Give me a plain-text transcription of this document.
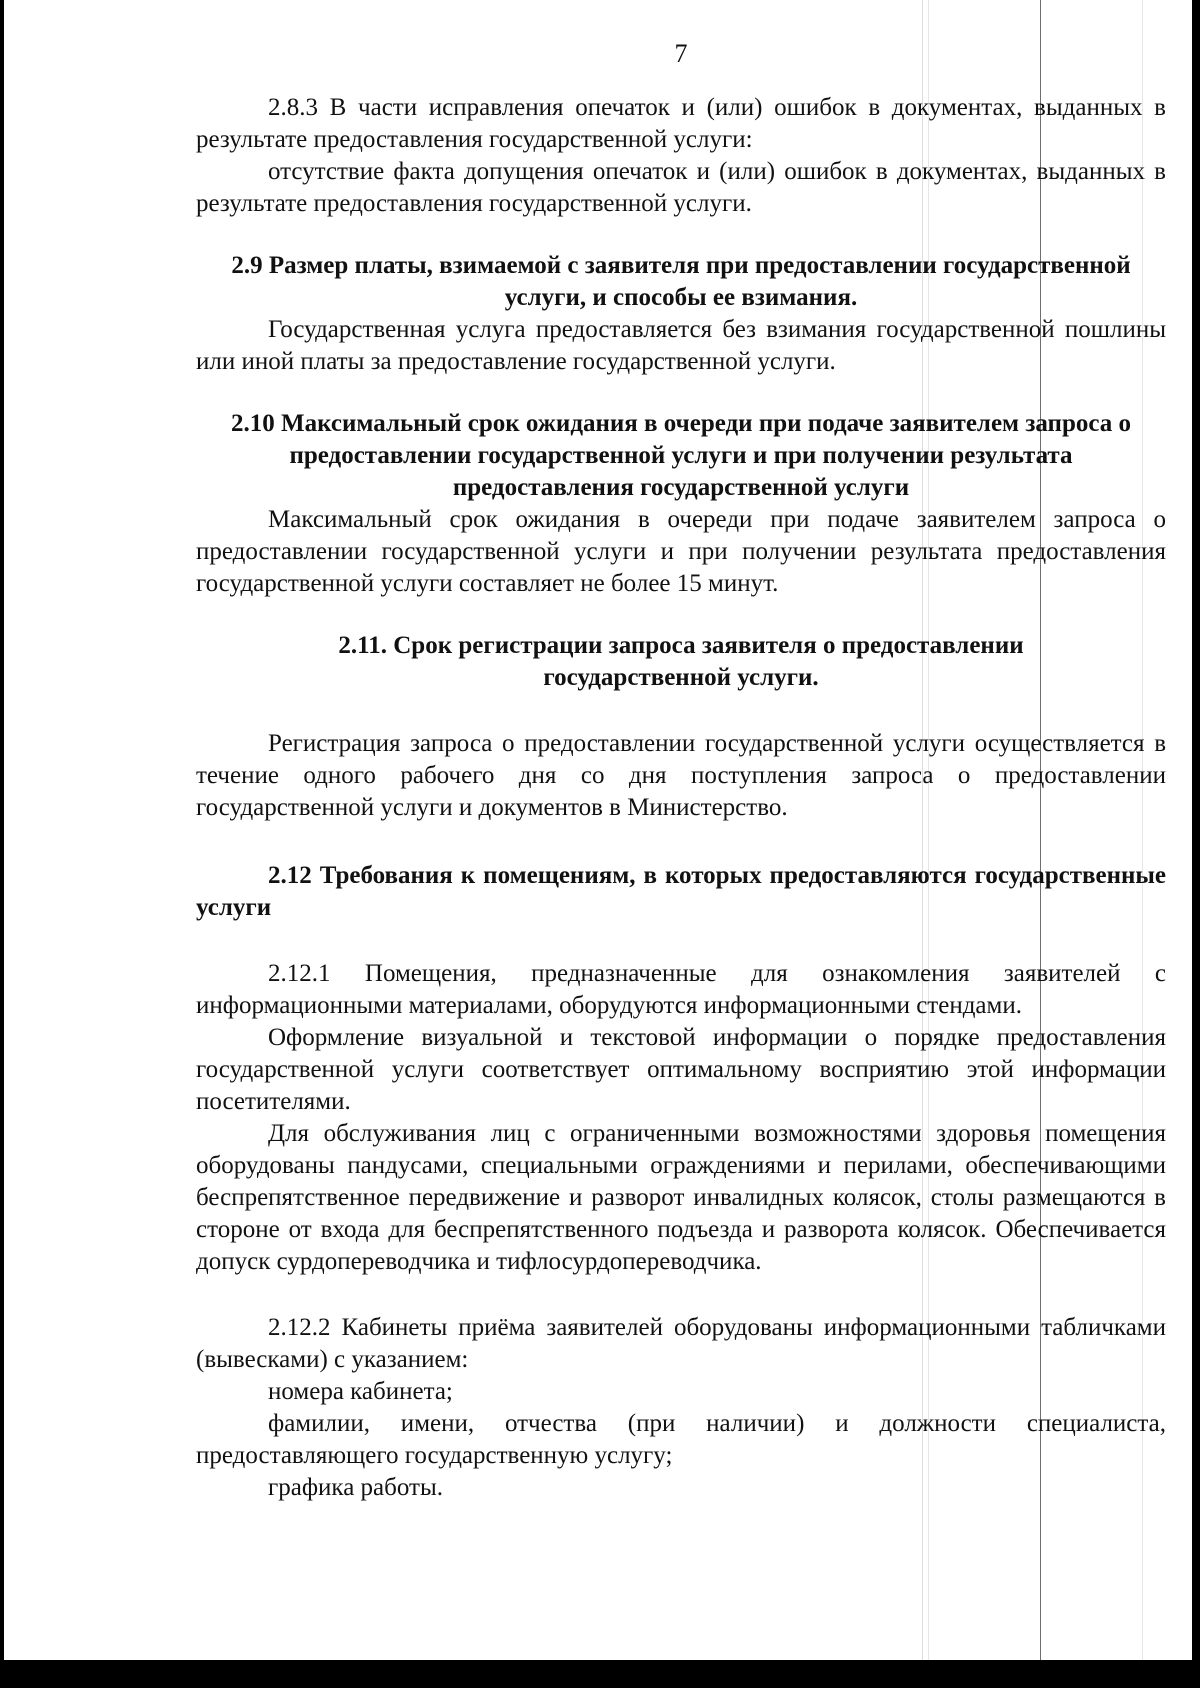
7

2.8.3 В части исправления опечаток и (или) ошибок в документах, выданных в результате предоставления государственной услуги:

отсутствие факта допущения опечаток и (или) ошибок в документах, выданных в результате предоставления государственной услуги.

2.9 Размер платы, взимаемой с заявителя при предоставлении государственной услуги, и способы ее взимания.

Государственная услуга предоставляется без взимания государственной пошлины или иной платы за предоставление государственной услуги.

2.10 Максимальный срок ожидания в очереди при подаче заявителем запроса о предоставлении государственной услуги и при получении результата предоставления государственной услуги

Максимальный срок ожидания в очереди при подаче заявителем запроса о предоставлении государственной услуги и при получении результата предоставления государственной услуги составляет не более 15 минут.

2.11. Срок регистрации запроса заявителя о предоставлении государственной услуги.

Регистрация запроса о предоставлении государственной услуги осуществляется в течение одного рабочего дня со дня поступления запроса о предоставлении государственной услуги и документов в Министерство.

2.12 Требования к помещениям, в которых предоставляются государственные услуги

2.12.1 Помещения, предназначенные для ознакомления заявителей с информационными материалами, оборудуются информационными стендами.

Оформление визуальной и текстовой информации о порядке предоставления государственной услуги соответствует оптимальному восприятию этой информации посетителями.

Для обслуживания лиц с ограниченными возможностями здоровья помещения оборудованы пандусами, специальными ограждениями и перилами, обеспечивающими беспрепятственное передвижение и разворот инвалидных колясок, столы размещаются в стороне от входа для беспрепятственного подъезда и разворота колясок. Обеспечивается допуск сурдопереводчика и тифлосурдопереводчика.

2.12.2 Кабинеты приёма заявителей оборудованы информационными табличками (вывесками) с указанием:

номера кабинета;

фамилии, имени, отчества (при наличии) и должности специалиста, предоставляющего государственную услугу;

графика работы.
